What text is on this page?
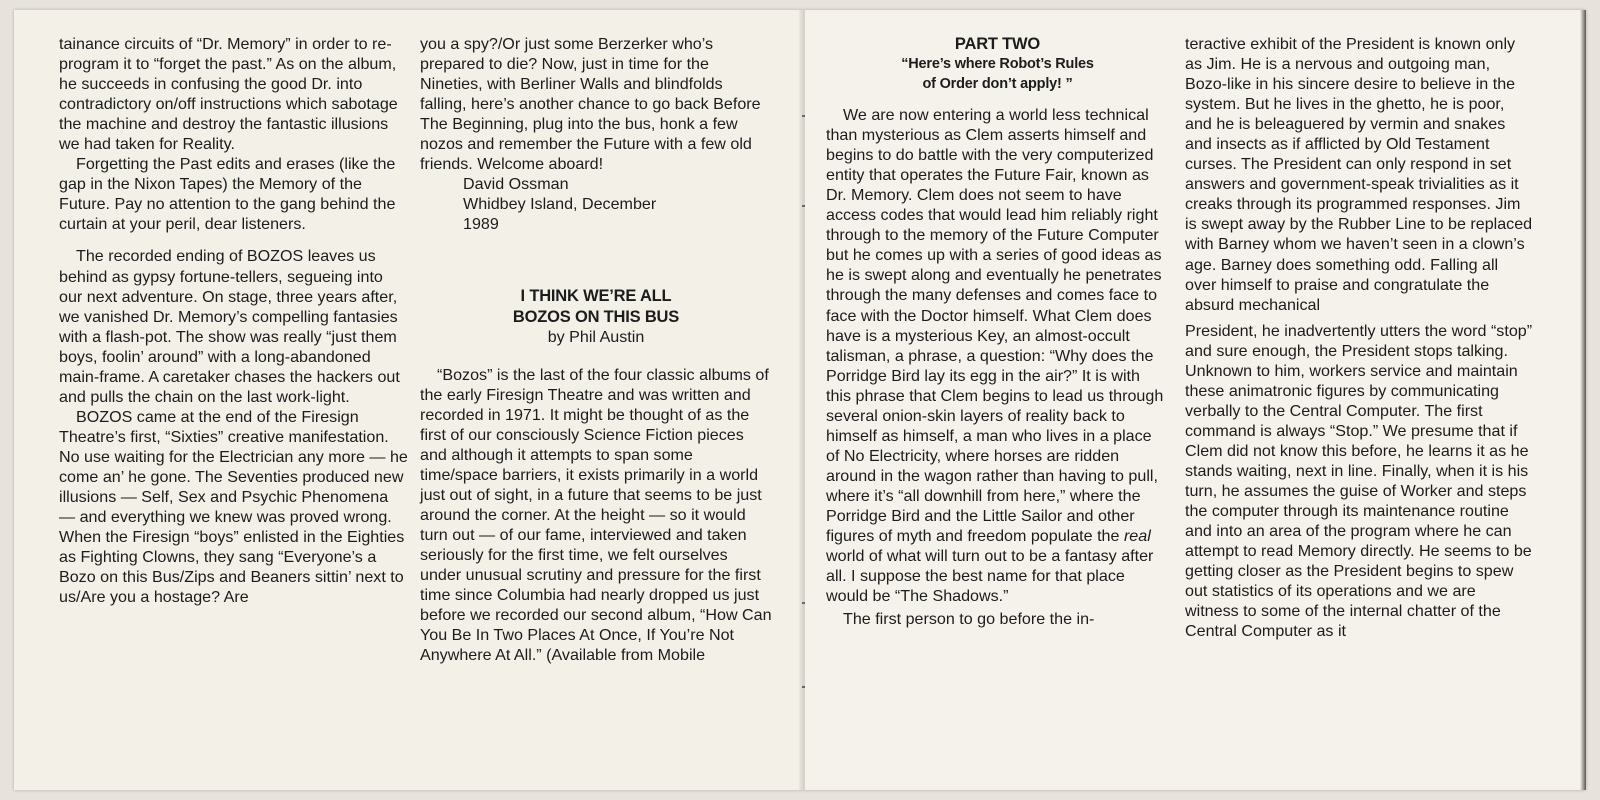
tainance circuits of “Dr. Memory” in order to re-program it to “forget the past.” As on the album, he succeeds in confusing the good Dr. into contradictory on/off instructions which sabotage the machine and destroy the fantastic illusions we had taken for Reality.

Forgetting the Past edits and erases (like the gap in the Nixon Tapes) the Memory of the Future. Pay no attention to the gang behind the curtain at your peril, dear listeners.

The recorded ending of BOZOS leaves us behind as gypsy fortune-tellers, segueing into our next adventure. On stage, three years after, we vanished Dr. Memory’s compelling fantasies with a flash-pot. The show was really “just them boys, foolin’ around” with a long-abandoned main-frame. A caretaker chases the hackers out and pulls the chain on the last work-light.

BOZOS came at the end of the Firesign Theatre’s first, “Sixties” creative manifestation. No use waiting for the Electrician any more — he come an’ he gone. The Seventies produced new illusions — Self, Sex and Psychic Phenomena — and everything we knew was proved wrong. When the Firesign “boys” enlisted in the Eighties as Fighting Clowns, they sang “Everyone’s a Bozo on this Bus/Zips and Beaners sittin’ next to us/Are you a hostage? Are

you a spy?/Or just some Berzerker who’s prepared to die? Now, just in time for the Nineties, with Berliner Walls and blindfolds falling, here’s another chance to go back Before The Beginning, plug into the bus, honk a few nozos and remember the Future with a few old friends. Welcome aboard!

David Ossman
Whidbey Island, December
1989
I THINK WE’RE ALL
BOZOS ON THIS BUS
by Phil Austin

“Bozos” is the last of the four classic albums of the early Firesign Theatre and was written and recorded in 1971. It might be thought of as the first of our consciously Science Fiction pieces and although it attempts to span some time/space barriers, it exists primarily in a world just out of sight, in a future that seems to be just around the corner. At the height — so it would turn out — of our fame, interviewed and taken seriously for the first time, we felt ourselves under unusual scrutiny and pressure for the first time since Columbia had nearly dropped us just before we recorded our second album, “How Can You Be In Two Places At Once, If You’re Not Anywhere At All.” (Available from Mobile

PART TWO
“Here’s where Robot’s Rules
of Order don’t apply! ”

We are now entering a world less technical than mysterious as Clem asserts himself and begins to do battle with the very computerized entity that operates the Future Fair, known as Dr. Memory. Clem does not seem to have access codes that would lead him reliably right through to the memory of the Future Computer but he comes up with a series of good ideas as he is swept along and eventually he penetrates through the many defenses and comes face to face with the Doctor himself. What Clem does have is a mysterious Key, an almost-occult talisman, a phrase, a question: “Why does the Porridge Bird lay its egg in the air?” It is with this phrase that Clem begins to lead us through several onion-skin layers of reality back to himself as himself, a man who lives in a place of No Electricity, where horses are ridden around in the wagon rather than having to pull, where it’s “all downhill from here,” where the Porridge Bird and the Little Sailor and other figures of myth and freedom populate the real world of what will turn out to be a fantasy after all. I suppose the best name for that place would be “The Shadows.”

The first person to go before the in-

teractive exhibit of the President is known only as Jim. He is a nervous and outgoing man, Bozo-like in his sincere desire to believe in the system. But he lives in the ghetto, he is poor, and he is beleaguered by vermin and snakes and insects as if afflicted by Old Testament curses. The President can only respond in set answers and government-speak trivialities as it creaks through its programmed responses. Jim is swept away by the Rubber Line to be replaced with Barney whom we haven’t seen in a clown’s age. Barney does something odd. Falling all over himself to praise and congratulate the absurd mechanical

President, he inadvertently utters the word “stop” and sure enough, the President stops talking. Unknown to him, workers service and maintain these animatronic figures by communicating verbally to the Central Computer. The first command is always “Stop.” We presume that if Clem did not know this before, he learns it as he stands waiting, next in line. Finally, when it is his turn, he assumes the guise of Worker and steps the computer through its maintenance routine and into an area of the program where he can attempt to read Memory directly. He seems to be getting closer as the President begins to spew out statistics of its operations and we are witness to some of the internal chatter of the Central Computer as it
